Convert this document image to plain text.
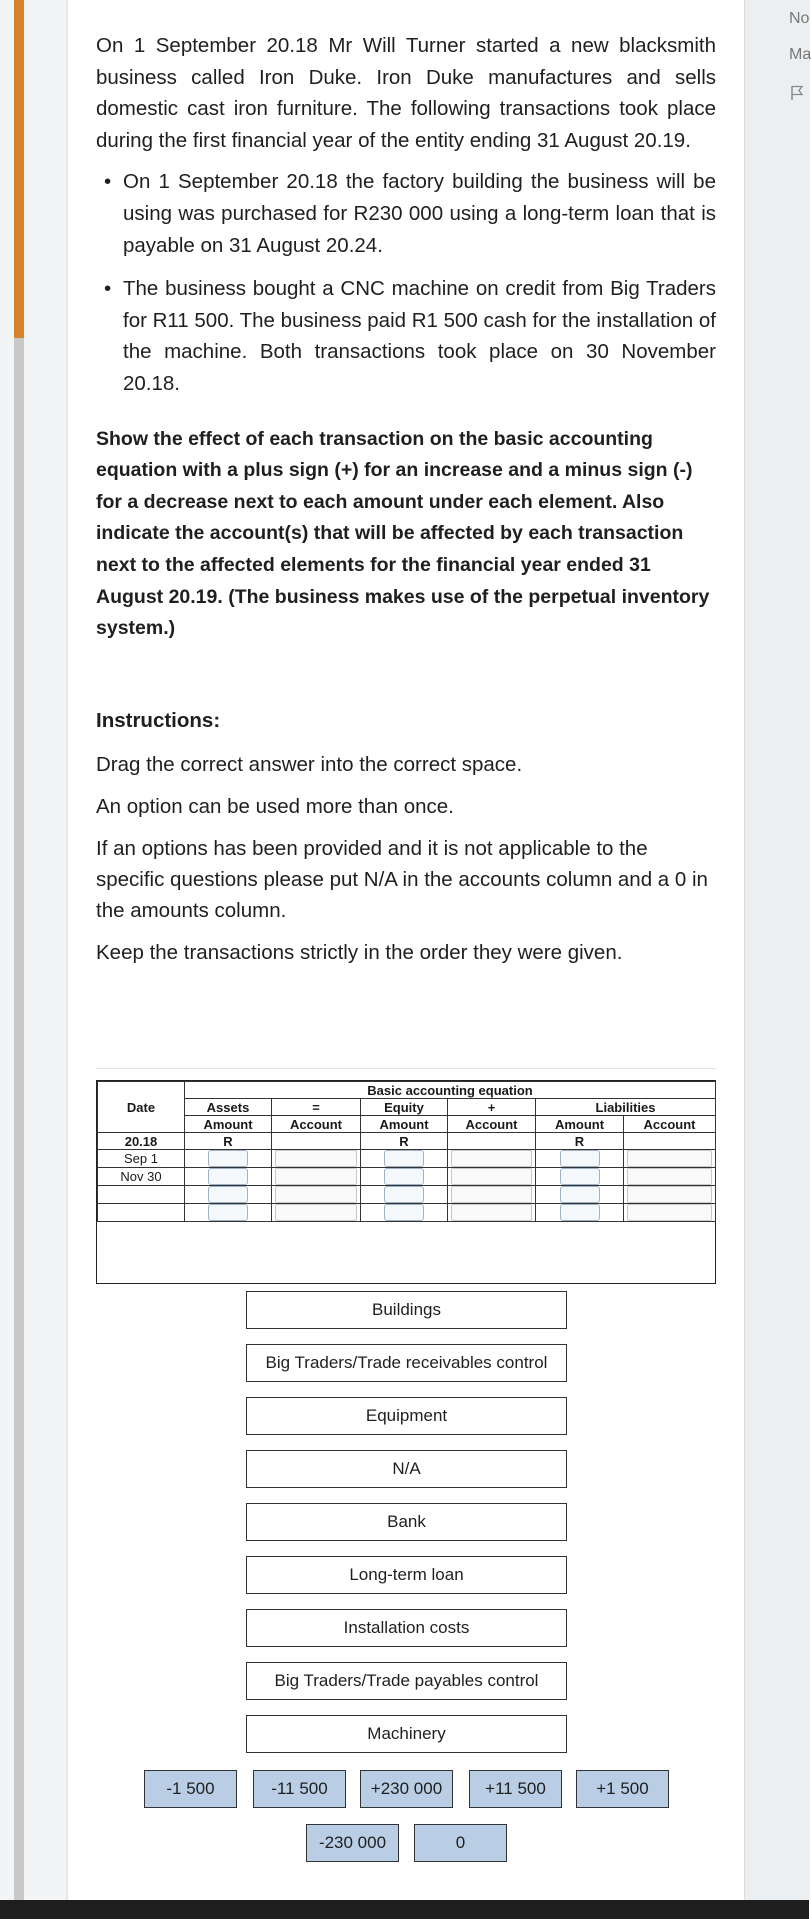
No
Ma

On 1 September 20.18 Mr Will Turner started a new blacksmith business called Iron Duke. Iron Duke manufactures and sells domestic cast iron furniture. The following transactions took place during the first financial year of the entity ending 31 August 20.19.

• On 1 September 20.18 the factory building the business will be using was purchased for R230 000 using a long-term loan that is payable on 31 August 20.24.
• The business bought a CNC machine on credit from Big Traders for R11 500. The business paid R1 500 cash for the installation of the machine. Both transactions took place on 30 November 20.18.

Show the effect of each transaction on the basic accounting equation with a plus sign (+) for an increase and a minus sign (-) for a decrease next to each amount under each element. Also indicate the account(s) that will be affected by each transaction next to the affected elements for the financial year ended 31 August 20.19. (The business makes use of the perpetual inventory system.)

Instructions:

Drag the correct answer into the correct space.

An option can be used more than once.

If an options has been provided and it is not applicable to the specific questions please put N/A in the accounts column and a 0 in the amounts column.

Keep the transactions strictly in the order they were given.

Date	Basic accounting equation					
	Assets	=	Equity	+	Liabilities	
	Amount	Account	Amount	Account	Amount	Account
20.18	R		R		R	
Sep 1						
Nov 30						

Buildings
Big Traders/Trade receivables control
Equipment
N/A
Bank
Long-term loan
Installation costs
Big Traders/Trade payables control
Machinery
-1 500	-11 500	+230 000	+11 500	+1 500
-230 000	0
